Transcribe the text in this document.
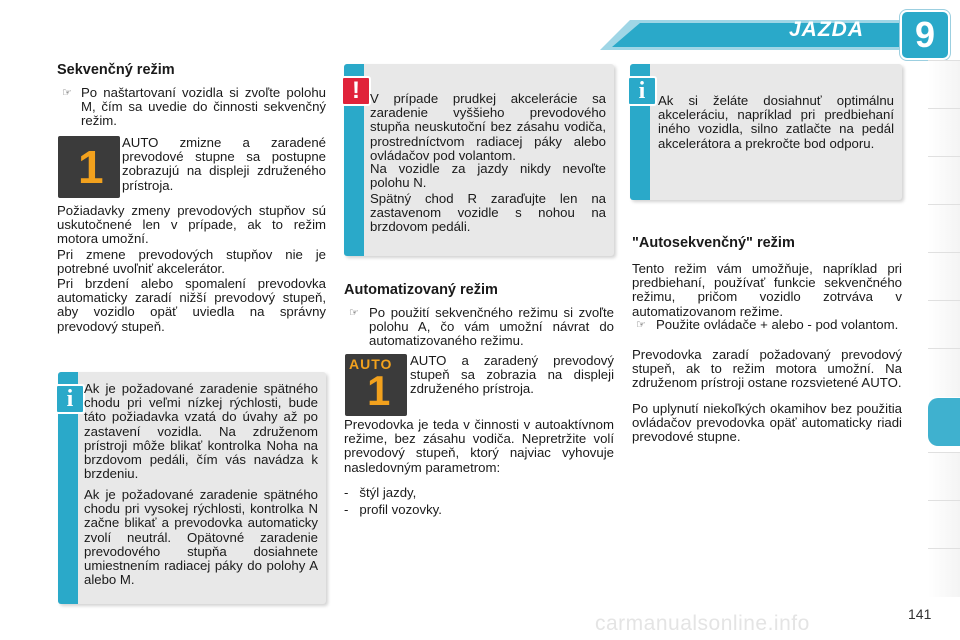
JAZDA	9
Sekvenčný režim
☞ Po naštartovaní vozidla si zvoľte polohu M, čím sa uvedie do činnosti sekvenčný režim.
1 AUTO zmizne a zaradené prevodové stupne sa postupne zobrazujú na displeji združeného prístroja.
Požiadavky zmeny prevodových stupňov sú uskutočnené len v prípade, ak to režim motora umožní.
Pri zmene prevodových stupňov nie je potrebné uvoľniť akcelerátor.
Pri brzdení alebo spomalení prevodovka automaticky zaradí nižší prevodový stupeň, aby vozidlo opäť uviedla na správny prevodový stupeň.
i Ak je požadované zaradenie spätného chodu pri veľmi nízkej rýchlosti, bude táto požiadavka vzatá do úvahy až po zastavení vozidla. Na združenom prístroji môže blikať kontrolka Noha na brzdovom pedáli, čím vás navádza k brzdeniu.
Ak je požadované zaradenie spätného chodu pri vysokej rýchlosti, kontrolka N začne blikať a prevodovka automaticky zvolí neutrál. Opätovné zaradenie prevodového stupňa dosiahnete umiestnením radiacej páky do polohy A alebo M.
! V prípade prudkej akcelerácie sa zaradenie vyššieho prevodového stupňa neuskutoční bez zásahu vodiča, prostredníctvom radiacej páky alebo ovládačov pod volantom.
Na vozidle za jazdy nikdy nevoľte polohu N.
Spätný chod R zaraďujte len na zastavenom vozidle s nohou na brzdovom pedáli.
Automatizovaný režim
☞ Po použití sekvenčného režimu si zvoľte polohu A, čo vám umožní návrat do automatizovaného režimu.
AUTO
1
AUTO a zaradený prevodový stupeň sa zobrazia na displeji združeného prístroja.
Prevodovka je teda v činnosti v autoaktívnom režime, bez zásahu vodiča. Nepretržite volí prevodový stupeň, ktorý najviac vyhovuje nasledovným parametrom:
-   štýl jazdy,
-   profil vozovky.
i Ak si želáte dosiahnuť optimálnu akceleráciu, napríklad pri predbiehaní iného vozidla, silno zatlačte na pedál akcelerátora a prekročte bod odporu.
"Autosekvenčný" režim
Tento režim vám umožňuje, napríklad pri predbiehaní, používať funkcie sekvenčného režimu, pričom vozidlo zotrváva v automatizovanom režime.
☞ Použite ovládače + alebo - pod volantom.
Prevodovka zaradí požadovaný prevodový stupeň, ak to režim motora umožní. Na združenom prístroji ostane rozsvietené AUTO.
Po uplynutí niekoľkých okamihov bez použitia ovládačov prevodovka opäť automaticky riadi prevodové stupne.
carmanualsonline.info	141
